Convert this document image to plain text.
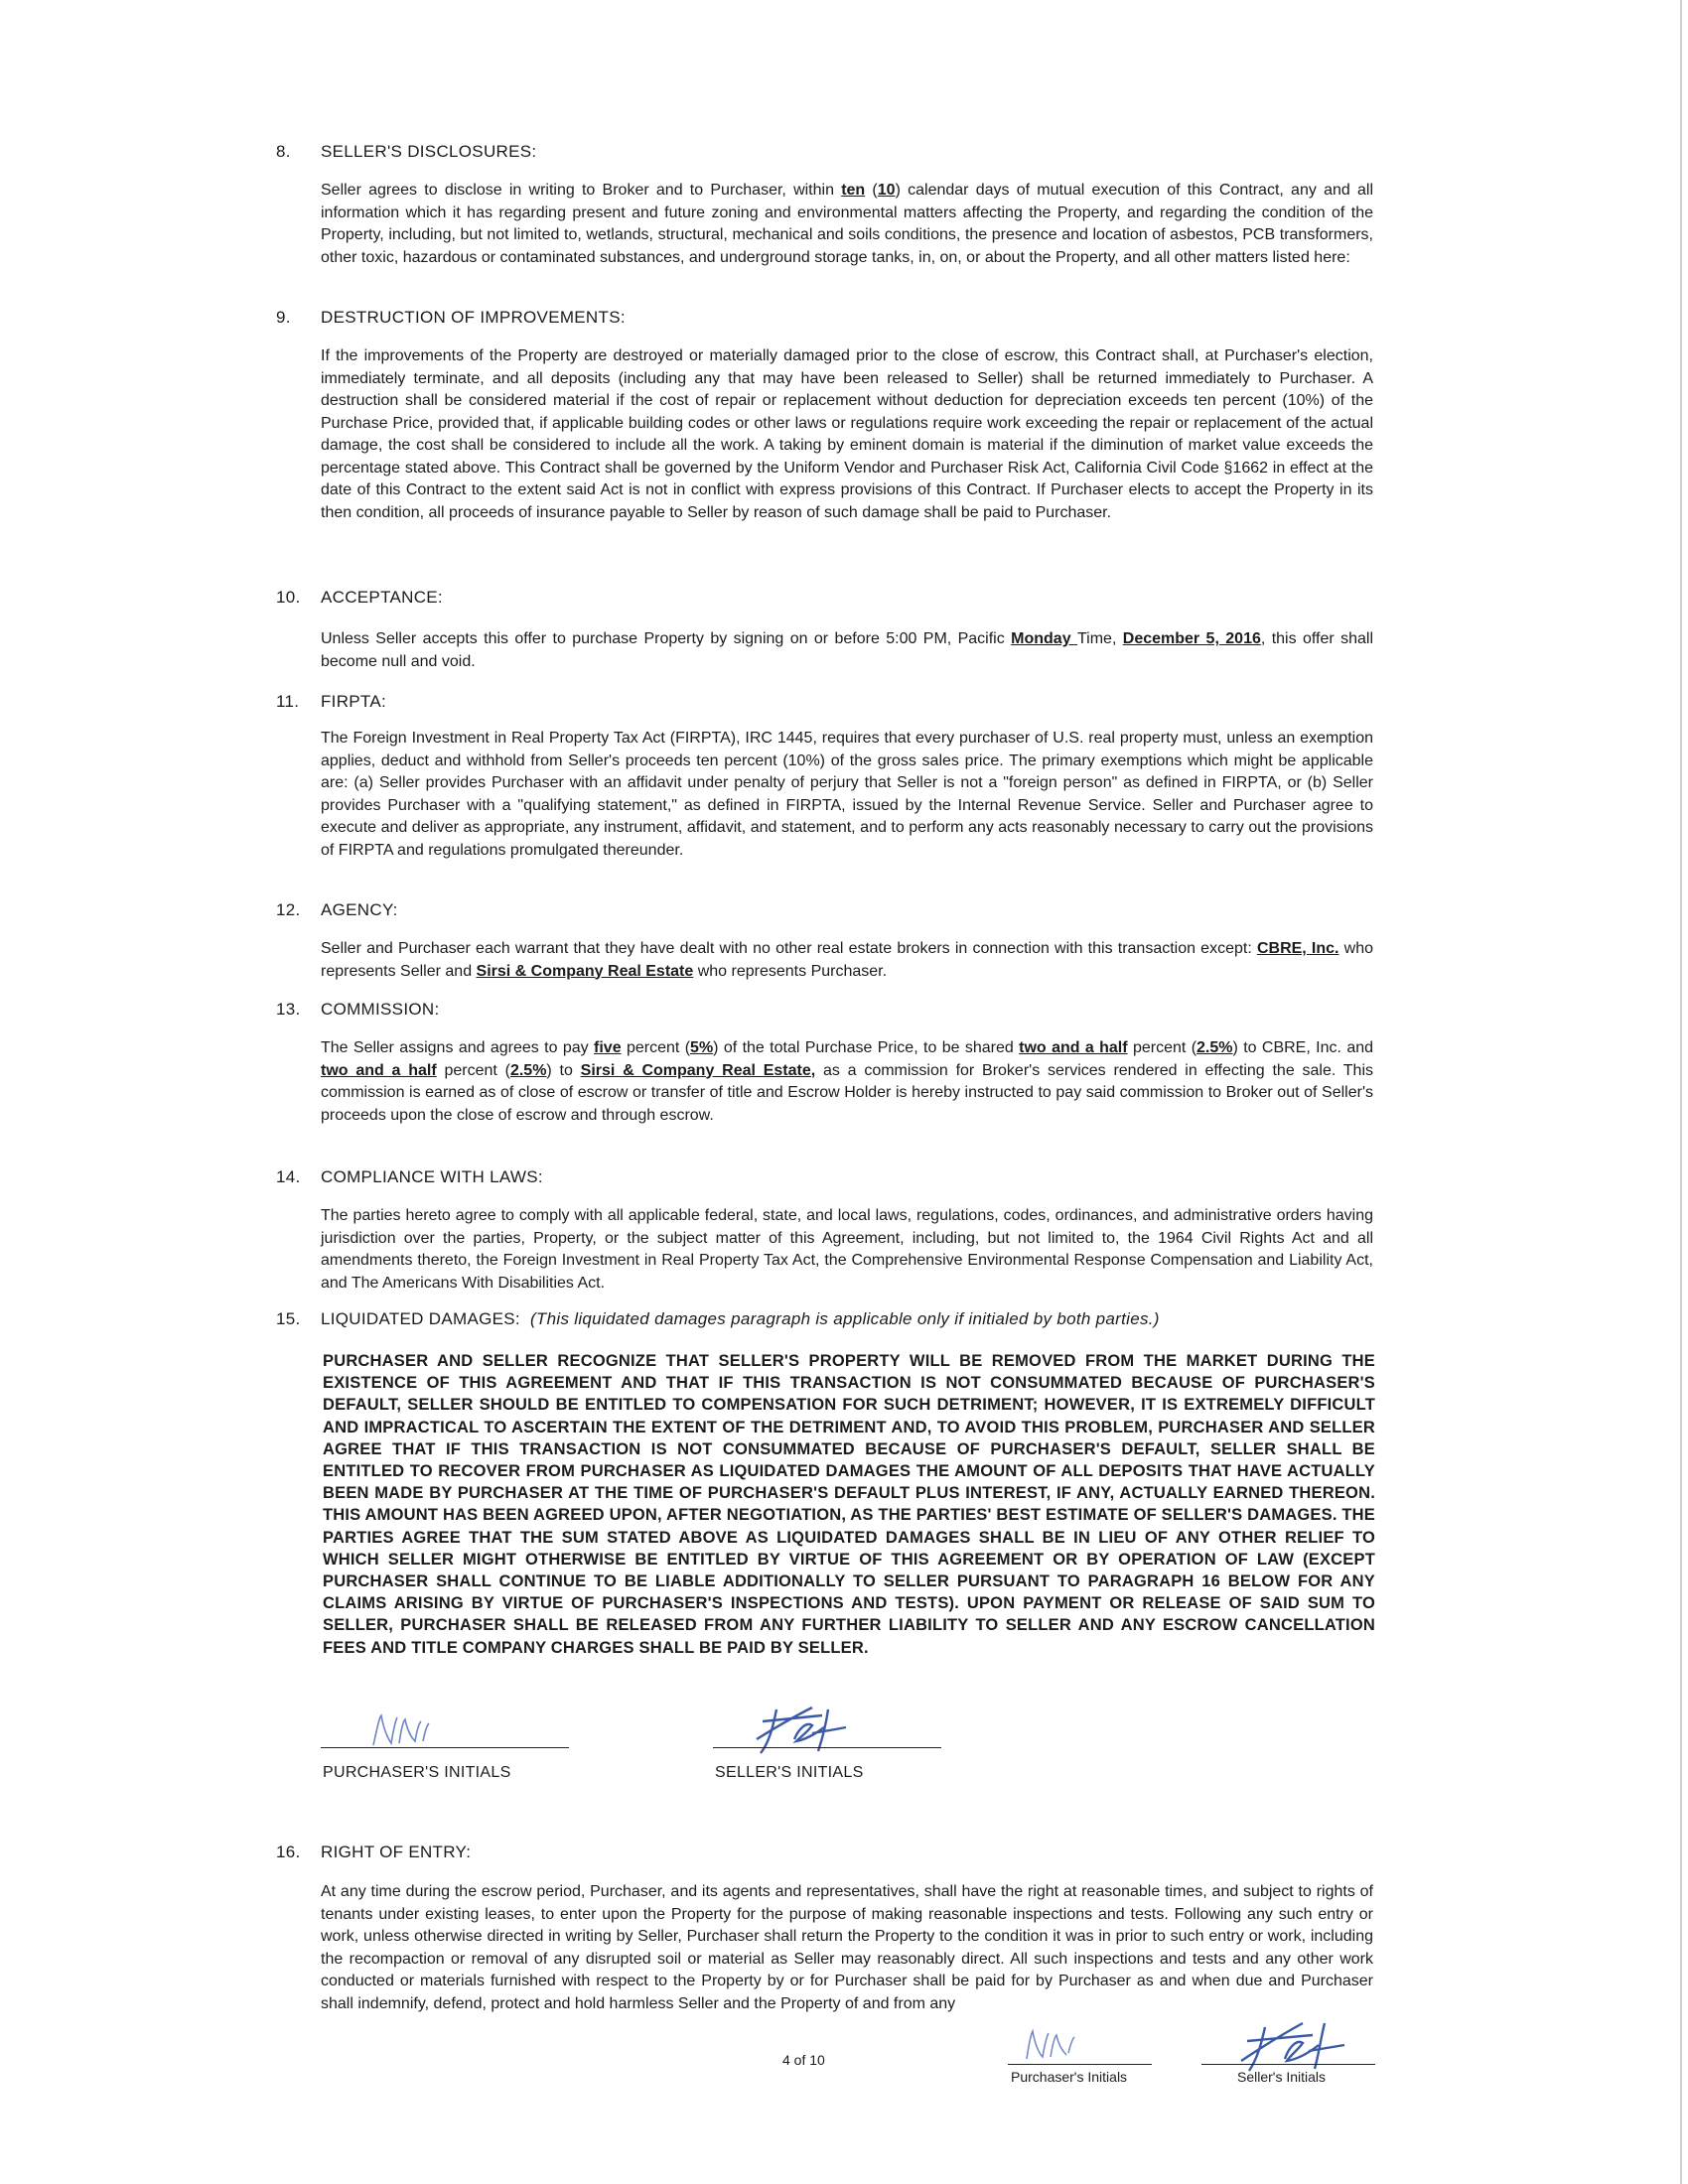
8. SELLER'S DISCLOSURES:
Seller agrees to disclose in writing to Broker and to Purchaser, within ten (10) calendar days of mutual execution of this Contract, any and all information which it has regarding present and future zoning and environmental matters affecting the Property, and regarding the condition of the Property, including, but not limited to, wetlands, structural, mechanical and soils conditions, the presence and location of asbestos, PCB transformers, other toxic, hazardous or contaminated substances, and underground storage tanks, in, on, or about the Property, and all other matters listed here:
9. DESTRUCTION OF IMPROVEMENTS:
If the improvements of the Property are destroyed or materially damaged prior to the close of escrow, this Contract shall, at Purchaser's election, immediately terminate, and all deposits (including any that may have been released to Seller) shall be returned immediately to Purchaser. A destruction shall be considered material if the cost of repair or replacement without deduction for depreciation exceeds ten percent (10%) of the Purchase Price, provided that, if applicable building codes or other laws or regulations require work exceeding the repair or replacement of the actual damage, the cost shall be considered to include all the work. A taking by eminent domain is material if the diminution of market value exceeds the percentage stated above. This Contract shall be governed by the Uniform Vendor and Purchaser Risk Act, California Civil Code §1662 in effect at the date of this Contract to the extent said Act is not in conflict with express provisions of this Contract. If Purchaser elects to accept the Property in its then condition, all proceeds of insurance payable to Seller by reason of such damage shall be paid to Purchaser.
10. ACCEPTANCE:
Unless Seller accepts this offer to purchase Property by signing on or before 5:00 PM, Pacific Monday Time, December 5, 2016, this offer shall become null and void.
11. FIRPTA:
The Foreign Investment in Real Property Tax Act (FIRPTA), IRC 1445, requires that every purchaser of U.S. real property must, unless an exemption applies, deduct and withhold from Seller's proceeds ten percent (10%) of the gross sales price. The primary exemptions which might be applicable are: (a) Seller provides Purchaser with an affidavit under penalty of perjury that Seller is not a "foreign person" as defined in FIRPTA, or (b) Seller provides Purchaser with a "qualifying statement," as defined in FIRPTA, issued by the Internal Revenue Service. Seller and Purchaser agree to execute and deliver as appropriate, any instrument, affidavit, and statement, and to perform any acts reasonably necessary to carry out the provisions of FIRPTA and regulations promulgated thereunder.
12. AGENCY:
Seller and Purchaser each warrant that they have dealt with no other real estate brokers in connection with this transaction except: CBRE, Inc. who represents Seller and Sirsi & Company Real Estate who represents Purchaser.
13. COMMISSION:
The Seller assigns and agrees to pay five percent (5%) of the total Purchase Price, to be shared two and a half percent (2.5%) to CBRE, Inc. and two and a half percent (2.5%) to Sirsi & Company Real Estate, as a commission for Broker's services rendered in effecting the sale. This commission is earned as of close of escrow or transfer of title and Escrow Holder is hereby instructed to pay said commission to Broker out of Seller's proceeds upon the close of escrow and through escrow.
14. COMPLIANCE WITH LAWS:
The parties hereto agree to comply with all applicable federal, state, and local laws, regulations, codes, ordinances, and administrative orders having jurisdiction over the parties, Property, or the subject matter of this Agreement, including, but not limited to, the 1964 Civil Rights Act and all amendments thereto, the Foreign Investment in Real Property Tax Act, the Comprehensive Environmental Response Compensation and Liability Act, and The Americans With Disabilities Act.
15. LIQUIDATED DAMAGES: (This liquidated damages paragraph is applicable only if initialed by both parties.)
PURCHASER AND SELLER RECOGNIZE THAT SELLER'S PROPERTY WILL BE REMOVED FROM THE MARKET DURING THE EXISTENCE OF THIS AGREEMENT AND THAT IF THIS TRANSACTION IS NOT CONSUMMATED BECAUSE OF PURCHASER'S DEFAULT, SELLER SHOULD BE ENTITLED TO COMPENSATION FOR SUCH DETRIMENT; HOWEVER, IT IS EXTREMELY DIFFICULT AND IMPRACTICAL TO ASCERTAIN THE EXTENT OF THE DETRIMENT AND, TO AVOID THIS PROBLEM, PURCHASER AND SELLER AGREE THAT IF THIS TRANSACTION IS NOT CONSUMMATED BECAUSE OF PURCHASER'S DEFAULT, SELLER SHALL BE ENTITLED TO RECOVER FROM PURCHASER AS LIQUIDATED DAMAGES THE AMOUNT OF ALL DEPOSITS THAT HAVE ACTUALLY BEEN MADE BY PURCHASER AT THE TIME OF PURCHASER'S DEFAULT PLUS INTEREST, IF ANY, ACTUALLY EARNED THEREON. THIS AMOUNT HAS BEEN AGREED UPON, AFTER NEGOTIATION, AS THE PARTIES' BEST ESTIMATE OF SELLER'S DAMAGES. THE PARTIES AGREE THAT THE SUM STATED ABOVE AS LIQUIDATED DAMAGES SHALL BE IN LIEU OF ANY OTHER RELIEF TO WHICH SELLER MIGHT OTHERWISE BE ENTITLED BY VIRTUE OF THIS AGREEMENT OR BY OPERATION OF LAW (EXCEPT PURCHASER SHALL CONTINUE TO BE LIABLE ADDITIONALLY TO SELLER PURSUANT TO PARAGRAPH 16 BELOW FOR ANY CLAIMS ARISING BY VIRTUE OF PURCHASER'S INSPECTIONS AND TESTS). UPON PAYMENT OR RELEASE OF SAID SUM TO SELLER, PURCHASER SHALL BE RELEASED FROM ANY FURTHER LIABILITY TO SELLER AND ANY ESCROW CANCELLATION FEES AND TITLE COMPANY CHARGES SHALL BE PAID BY SELLER.
PURCHASER'S INITIALS	SELLER'S INITIALS
16. RIGHT OF ENTRY:
At any time during the escrow period, Purchaser, and its agents and representatives, shall have the right at reasonable times, and subject to rights of tenants under existing leases, to enter upon the Property for the purpose of making reasonable inspections and tests. Following any such entry or work, unless otherwise directed in writing by Seller, Purchaser shall return the Property to the condition it was in prior to such entry or work, including the recompaction or removal of any disrupted soil or material as Seller may reasonably direct. All such inspections and tests and any other work conducted or materials furnished with respect to the Property by or for Purchaser shall be paid for by Purchaser as and when due and Purchaser shall indemnify, defend, protect and hold harmless Seller and the Property of and from any
4 of 10
Purchaser's Initials	Seller's Initials
